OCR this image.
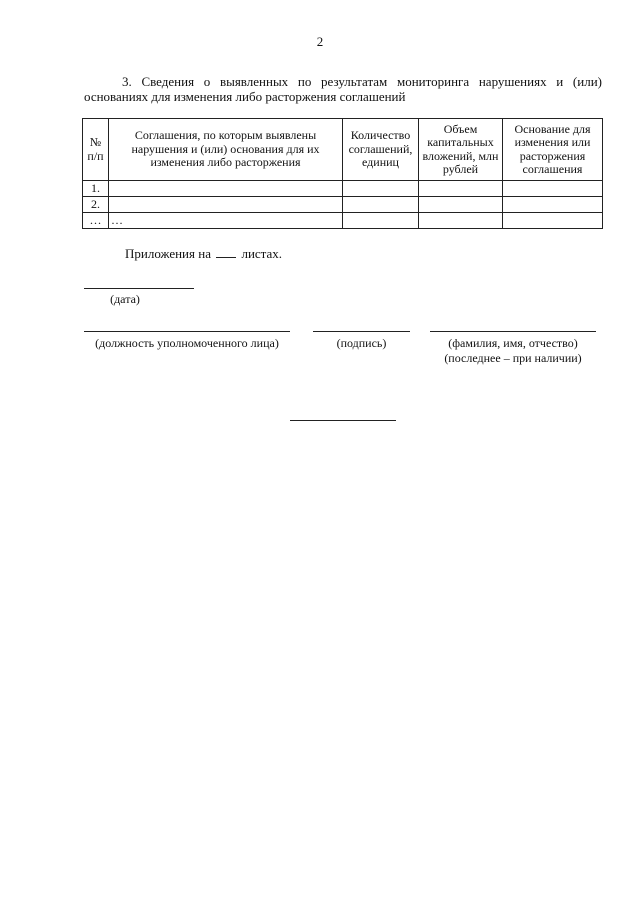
2
3. Сведения о выявленных по результатам мониторинга нарушениях и (или)
основаниях для изменения либо расторжения соглашений
№ п/п	Соглашения, по которым выявлены нарушения и (или) основания для их изменения либо расторжения	Количество соглашений, единиц	Объем капитальных вложений, млн рублей	Основание для изменения или расторжения соглашения
1.				
2.				
…	…			
Приложения на листах.
(дата)
(должность уполномоченного лица)	(подпись)	(фамилия, имя, отчество)
(последнее – при наличии)
